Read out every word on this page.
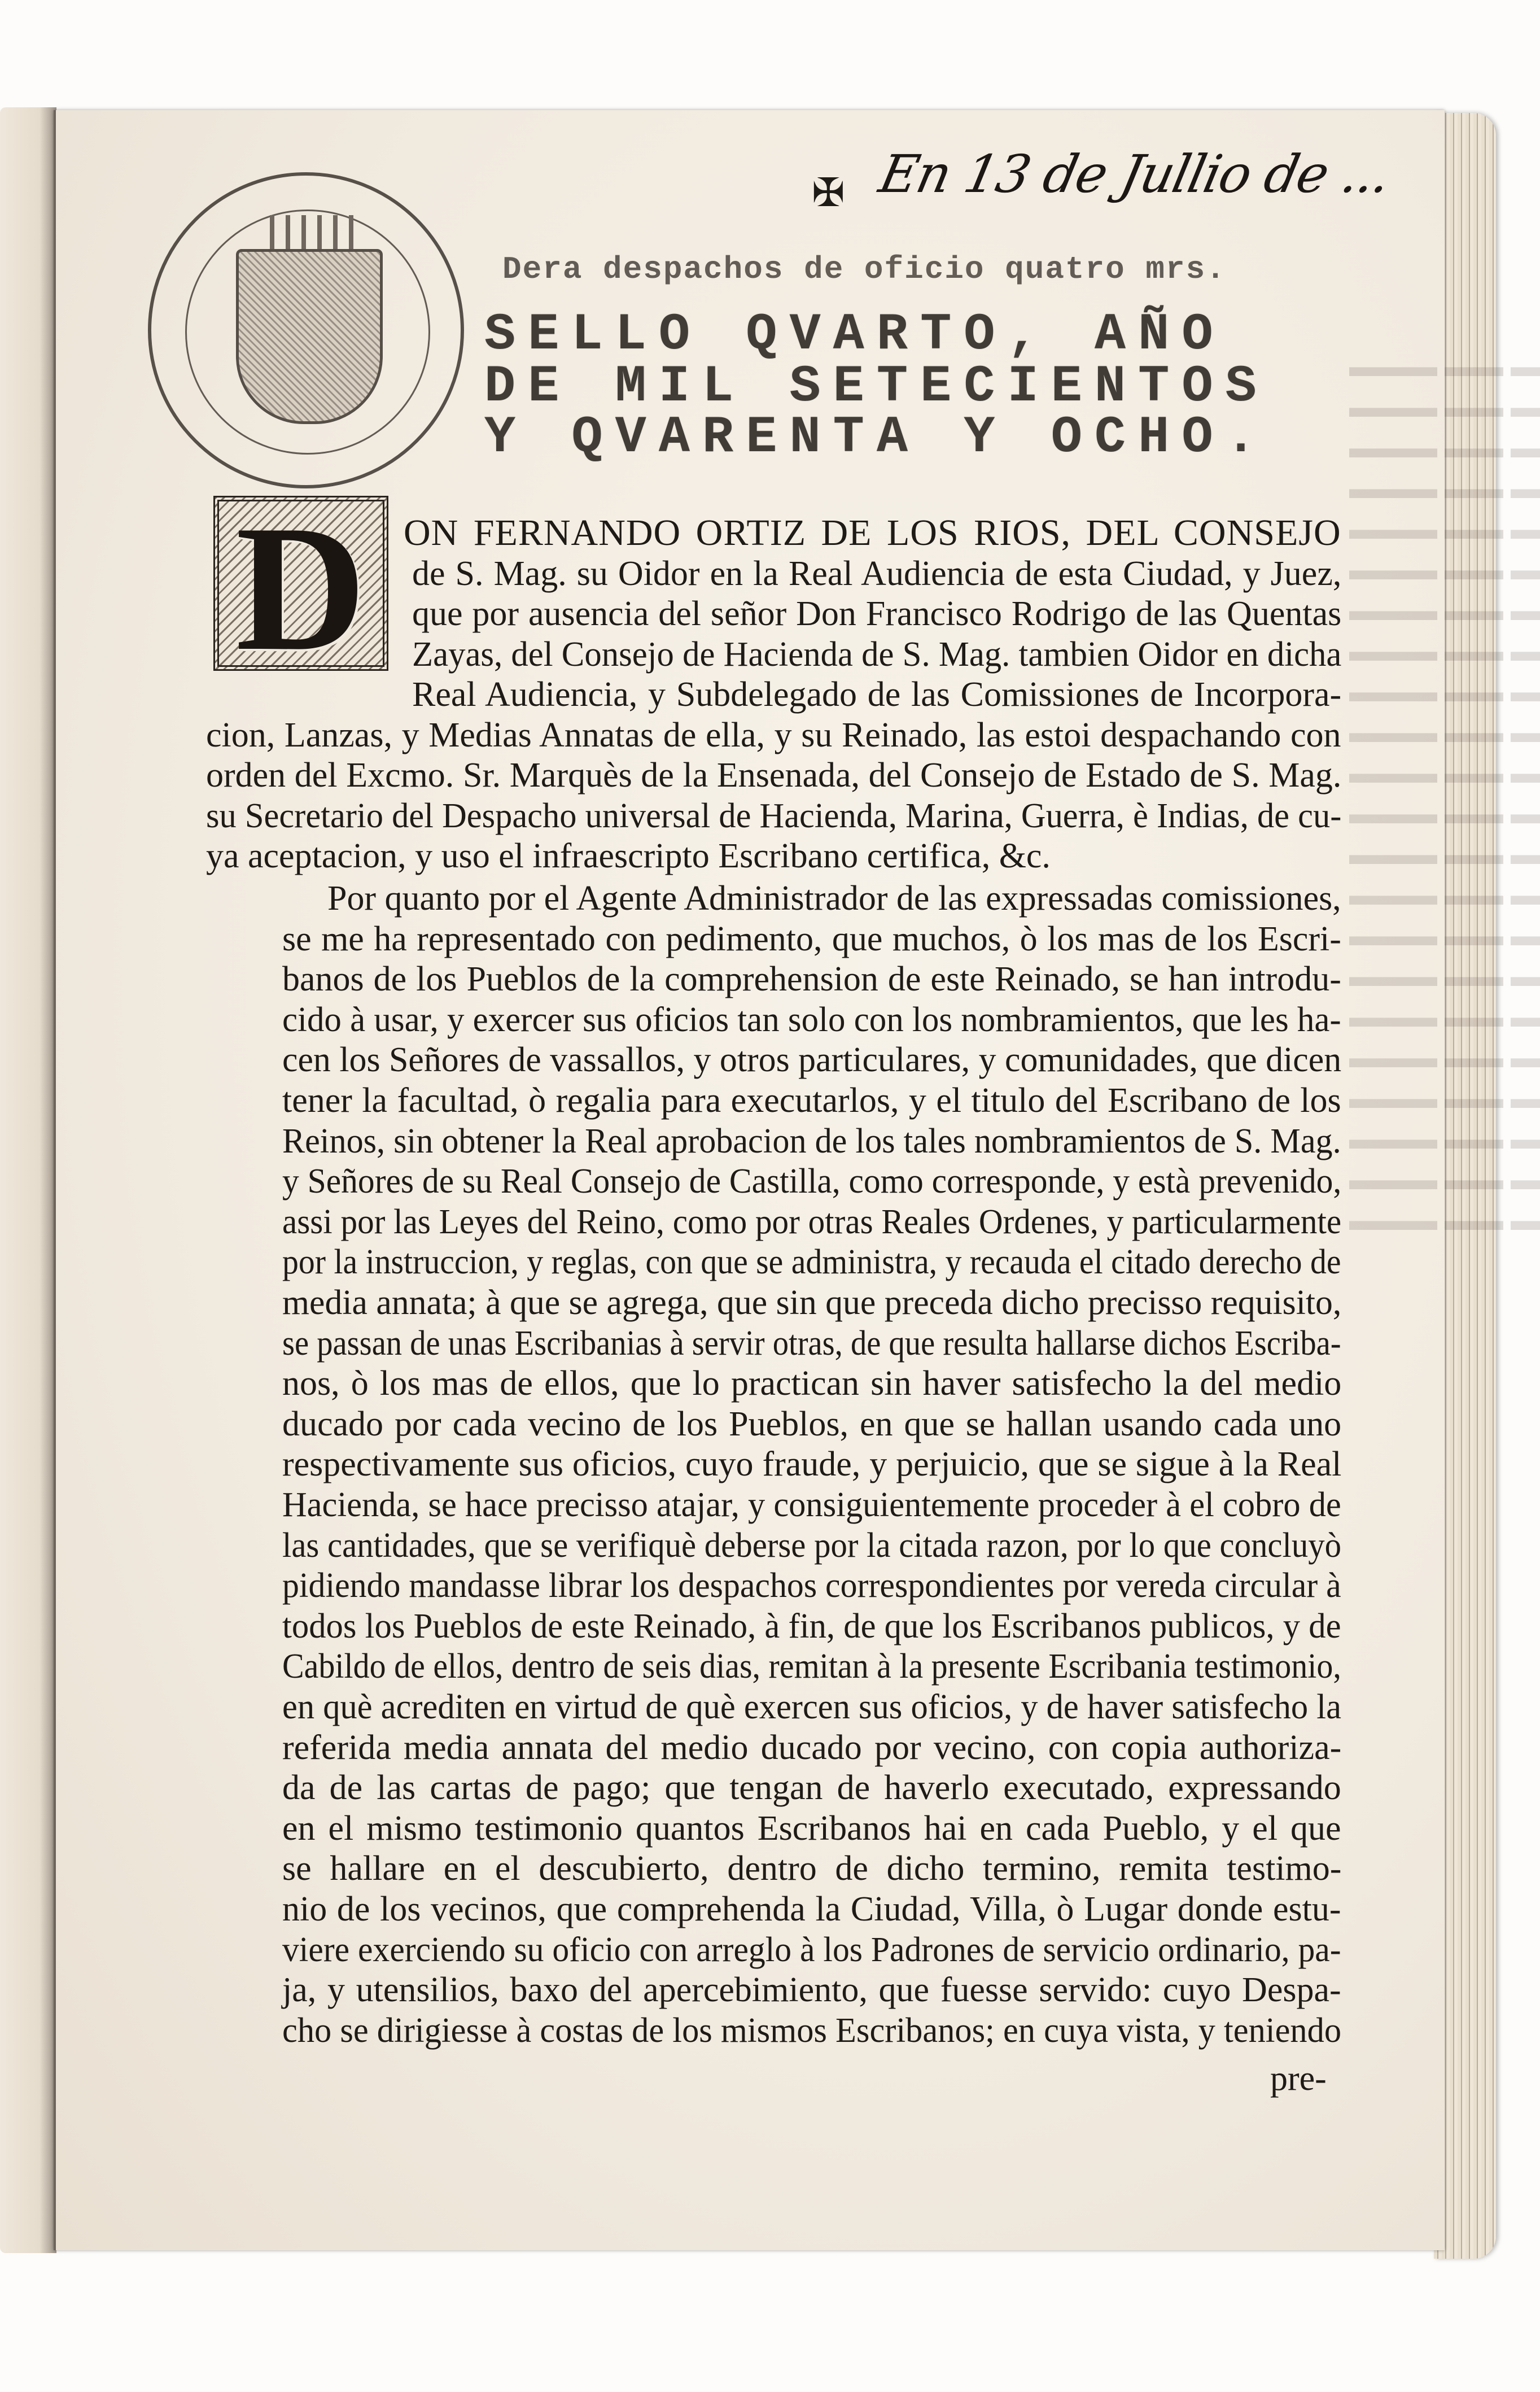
✠ En 13 de Jullio de ...
Dera despachos de oficio quatro mrs.
SELLO QVARTO, AÑO
DE MIL SETECIENTOS
Y QVARENTA Y OCHO.
D
▬ ▬▬ ▬▬▬
▬ ▬▬ ▬▬▬
▬ ▬▬ ▬▬▬
▬ ▬▬ ▬▬▬
▬ ▬▬ ▬▬▬
▬ ▬▬ ▬▬▬
▬ ▬▬ ▬▬▬
▬ ▬▬ ▬▬▬
▬ ▬▬ ▬▬▬
▬ ▬▬ ▬▬▬
▬ ▬▬ ▬▬▬
▬ ▬▬ ▬▬▬
▬ ▬▬ ▬▬▬
▬ ▬▬ ▬▬▬
▬ ▬▬ ▬▬▬
▬ ▬▬ ▬▬▬
▬ ▬▬ ▬▬▬
▬ ▬▬ ▬▬▬
▬ ▬▬ ▬▬▬
▬ ▬▬ ▬▬▬
▬ ▬▬ ▬▬▬
▬ ▬▬ ▬▬▬
ON FERNANDO ORTIZ DE LOS RIOS, DEL CONSEJO
de S. Mag. su Oidor en la Real Audiencia de esta Ciudad, y Juez,
que por ausencia del señor Don Francisco Rodrigo de las Quentas
Zayas, del Consejo de Hacienda de S. Mag. tambien Oidor en dicha
Real Audiencia, y Subdelegado de las Comissiones de Incorpora-
cion, Lanzas, y Medias Annatas de ella, y su Reinado, las estoi despachando con
orden del Excmo. Sr. Marquès de la Ensenada, del Consejo de Estado de S. Mag.
su Secretario del Despacho universal de Hacienda, Marina, Guerra, è Indias, de cu-
ya aceptacion, y uso el infraescripto Escribano certifica, &c.
Por quanto por el Agente Administrador de las expressadas comissiones,
se me ha representado con pedimento, que muchos, ò los mas de los Escri-
banos de los Pueblos de la comprehension de este Reinado, se han introdu-
cido à usar, y exercer sus oficios tan solo con los nombramientos, que les ha-
cen los Señores de vassallos, y otros particulares, y comunidades, que dicen
tener la facultad, ò regalia para executarlos, y el titulo del Escribano de los
Reinos, sin obtener la Real aprobacion de los tales nombramientos de S. Mag.
y Señores de su Real Consejo de Castilla, como corresponde, y està prevenido,
assi por las Leyes del Reino, como por otras Reales Ordenes, y particularmente
por la instruccion, y reglas, con que se administra, y recauda el citado derecho de
media annata; à que se agrega, que sin que preceda dicho precisso requisito,
se passan de unas Escribanias à servir otras, de que resulta hallarse dichos Escriba-
nos, ò los mas de ellos, que lo practican sin haver satisfecho la del medio
ducado por cada vecino de los Pueblos, en que se hallan usando cada uno
respectivamente sus oficios, cuyo fraude, y perjuicio, que se sigue à la Real
Hacienda, se hace precisso atajar, y consiguientemente proceder à el cobro de
las cantidades, que se verifiquè deberse por la citada razon, por lo que concluyò
pidiendo mandasse librar los despachos correspondientes por vereda circular à
todos los Pueblos de este Reinado, à fin, de que los Escribanos publicos, y de
Cabildo de ellos, dentro de seis dias, remitan à la presente Escribania testimonio,
en què acrediten en virtud de què exercen sus oficios, y de haver satisfecho la
referida media annata del medio ducado por vecino, con copia authoriza-
da de las cartas de pago; que tengan de haverlo executado, expressando
en el mismo testimonio quantos Escribanos hai en cada Pueblo, y el que
se hallare en el descubierto, dentro de dicho termino, remita testimo-
nio de los vecinos, que comprehenda la Ciudad, Villa, ò Lugar donde estu-
viere exerciendo su oficio con arreglo à los Padrones de servicio ordinario, pa-
ja, y utensilios, baxo del apercebimiento, que fuesse servido: cuyo Despa-
cho se dirigiesse à costas de los mismos Escribanos; en cuya vista, y teniendo
pre-
